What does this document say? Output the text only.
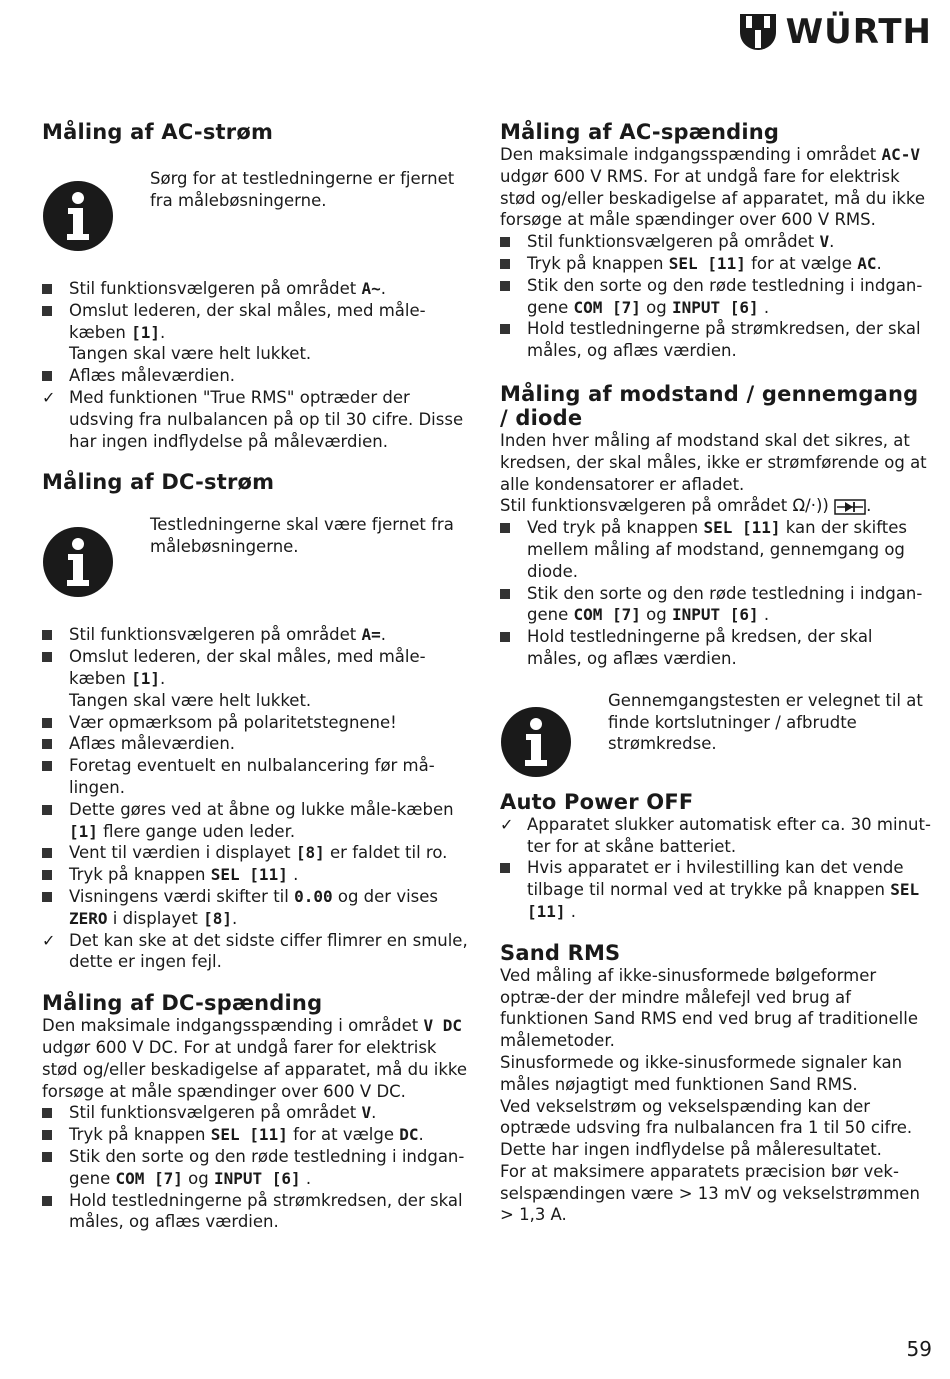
WÜRTH
Måling af AC-strøm

Sørg for at testledningerne er fjernet fra målebøsningerne.

Stil funktionsvælgeren på området A~.
Omslut lederen, der skal måles, med måle-kæben [1].
Tangen skal være helt lukket.
Aflæs måleværdien.
✓ Med funktionen "True RMS" optræder der udsving fra nulbalancen på op til 30 cifre. Disse har ingen indflydelse på måleværdien.
Måling af DC-strøm

Testledningerne skal være fjernet fra målebøsningerne.

Stil funktionsvælgeren på området A=.
Omslut lederen, der skal måles, med måle-kæben [1].
Tangen skal være helt lukket.
Vær opmærksom på polaritetstegnene!
Aflæs måleværdien.
Foretag eventuelt en nulbalancering før må-lingen.
Dette gøres ved at åbne og lukke måle-kæben [1] flere gange uden leder.
Vent til værdien i displayet [8] er faldet til ro.
Tryk på knappen SEL [11] .
Visningens værdi skifter til 0.00 og der vises ZERO i displayet [8].
✓ Det kan ske at det sidste ciffer flimrer en smule, dette er ingen fejl.
Måling af DC-spænding

Den maksimale indgangsspænding i området V DC udgør 600 V DC. For at undgå farer for elektrisk stød og/eller beskadigelse af apparatet, må du ikke forsøge at måle spændinger over 600 V DC.

Stil funktionsvælgeren på området V.
Tryk på knappen SEL [11] for at vælge DC.
Stik den sorte og den røde testledning i indgan-gene COM [7] og INPUT [6] .
Hold testledningerne på strømkredsen, der skal måles, og aflæs værdien.
Måling af AC-spænding

Den maksimale indgangsspænding i området AC-V udgør 600 V RMS. For at undgå fare for elektrisk stød og/eller beskadigelse af apparatet, må du ikke forsøge at måle spændinger over 600 V RMS.

Stil funktionsvælgeren på området V.
Tryk på knappen SEL [11] for at vælge AC.
Stik den sorte og den røde testledning i indgan-gene COM [7] og INPUT [6] .
Hold testledningerne på strømkredsen, der skal måles, og aflæs værdien.
Måling af modstand / gennemgang / diode

Inden hver måling af modstand skal det sikres, at kredsen, der skal måles, ikke er strømførende og at alle kondensatorer er afladet.

Stil funktionsvælgeren på området Ω/·)) .

Ved tryk på knappen SEL [11] kan der skiftes mellem måling af modstand, gennemgang og diode.
Stik den sorte og den røde testledning i indgan-gene COM [7] og INPUT [6] .
Hold testledningerne på kredsen, der skal måles, og aflæs værdien.

Gennemgangstesten er velegnet til at finde kortslutninger / afbrudte strømkredse.

Auto Power OFF
✓ Apparatet slukker automatisk efter ca. 30 minut-ter for at skåne batteriet.
Hvis apparatet er i hvilestilling kan det vende tilbage til normal ved at trykke på knappen SEL [11] .
Sand RMS

Ved måling af ikke-sinusformede bølgeformer optræ-der der mindre målefejl ved brug af funktionen Sand RMS end ved brug af traditionelle målemetoder.

Sinusformede og ikke-sinusformede signaler kan måles nøjagtigt med funktionen Sand RMS.

Ved vekselstrøm og vekselspænding kan der optræde udsving fra nulbalancen fra 1 til 50 cifre. Dette har ingen indflydelse på måleresultatet.

For at maksimere apparatets præcision bør vek-selspændingen være > 13 mV og vekselstrømmen > 1,3 A.

59
